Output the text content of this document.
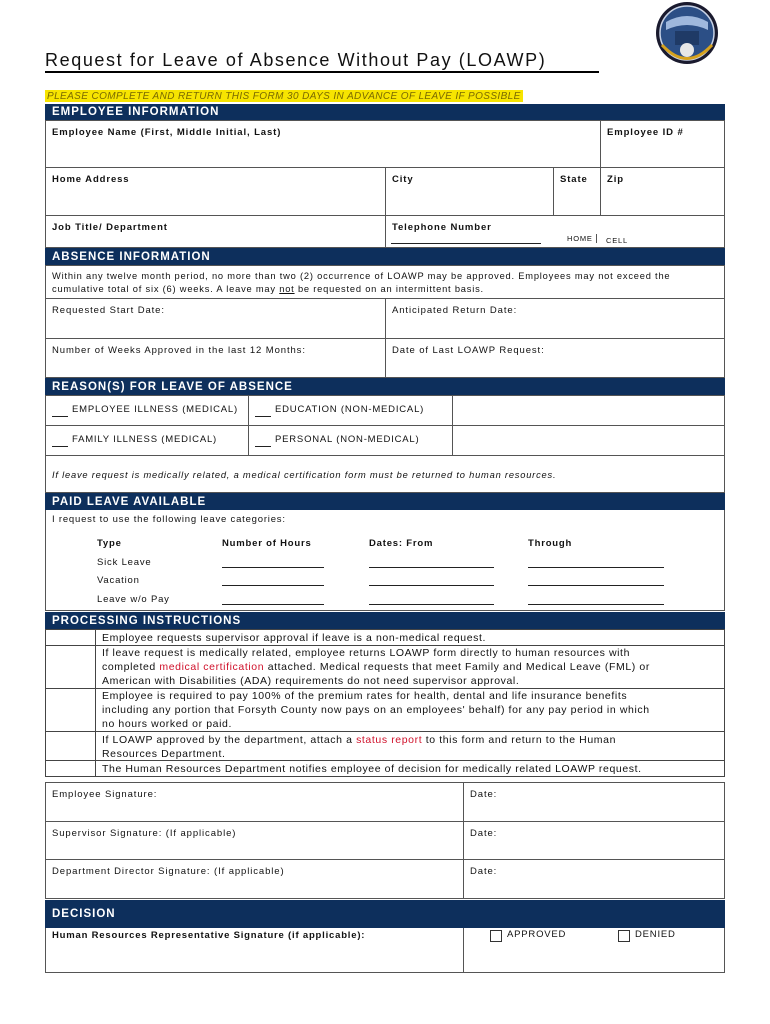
Request for Leave of Absence Without Pay (LOAWP)
PLEASE COMPLETE AND RETURN THIS FORM 30 DAYS IN ADVANCE OF LEAVE IF POSSIBLE
EMPLOYEE INFORMATION
Employee Name (First, Middle Initial, Last)	Employee ID #
Home Address	City	State	Zip
Job Title/ Department	Telephone Number
HOME CELL
ABSENCE INFORMATION
Within any twelve month period, no more than two (2) occurrence of LOAWP may be approved. Employees may not exceed the
cumulative total of six (6) weeks. A leave may not be requested on an intermittent basis.
Requested Start Date:	Anticipated Return Date:
Number of Weeks Approved in the last 12 Months:	Date of Last LOAWP Request:
REASON(S) FOR LEAVE OF ABSENCE
EMPLOYEE ILLNESS (MEDICAL)	EDUCATION (NON-MEDICAL)
FAMILY ILLNESS (MEDICAL)	PERSONAL (NON-MEDICAL)
If leave request is medically related, a medical certification form must be returned to human resources.
PAID LEAVE AVAILABLE
I request to use the following leave categories:
Type	Number of Hours	Dates: From	Through
Sick Leave
Vacation
Leave w/o Pay
PROCESSING INSTRUCTIONS
Employee requests supervisor approval if leave is a non-medical request.
If leave request is medically related, employee returns LOAWP form directly to human resources with
completed medical certification attached. Medical requests that meet Family and Medical Leave (FML) or
American with Disabilities (ADA) requirements do not need supervisor approval.
Employee is required to pay 100% of the premium rates for health, dental and life insurance benefits
including any portion that Forsyth County now pays on an employees' behalf) for any pay period in which
no hours worked or paid.
If LOAWP approved by the department, attach a status report to this form and return to the Human
Resources Department.
The Human Resources Department notifies employee of decision for medically related LOAWP request.
Employee Signature:	Date:
Supervisor Signature: (If applicable)	Date:
Department Director Signature: (If applicable)	Date:
DECISION
Human Resources Representative Signature (if applicable):	APPROVED	DENIED
